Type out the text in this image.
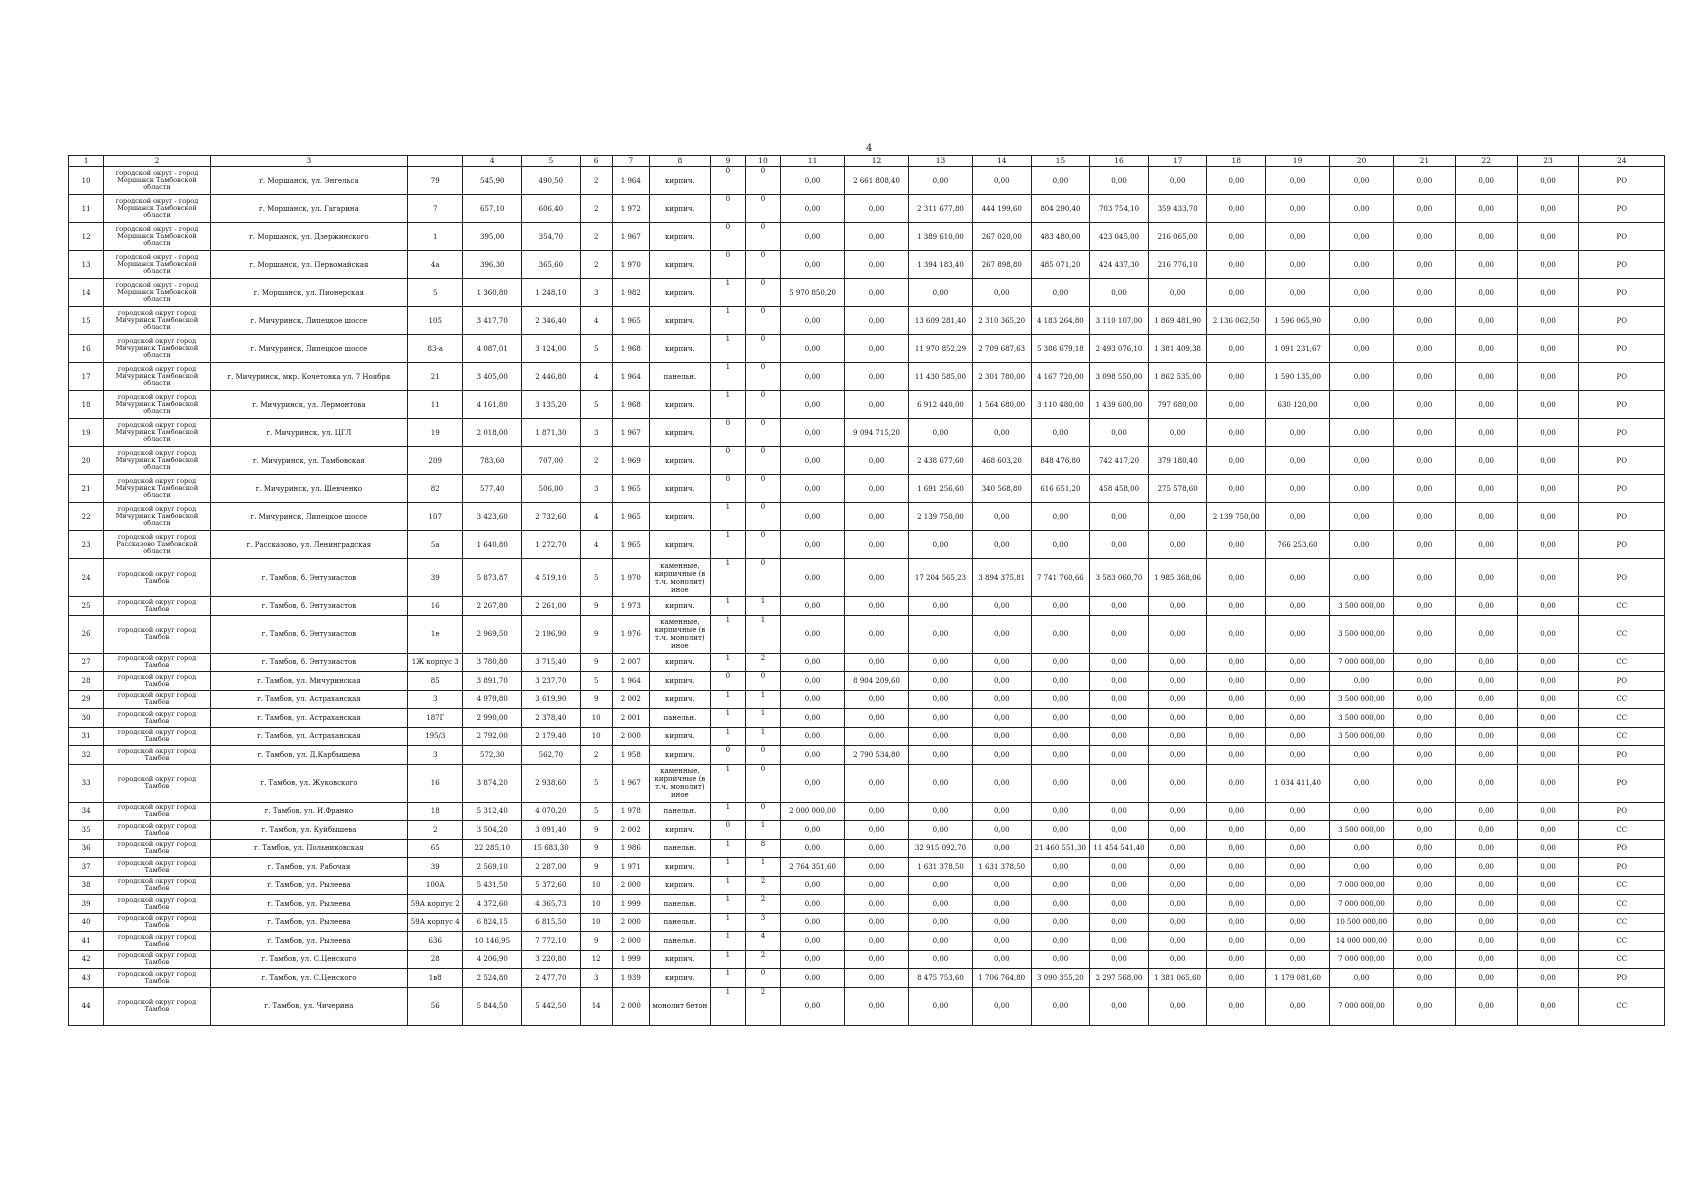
4
1	2	3		4	5	6	7	8	9	10	11	12	13	14	15	16	17	18	19	20	21	22	23	24
10	городской округ - город Моршанск Тамбовской области	г. Моршанск, ул. Энгельса	79	545,90	490,50	2	1 964	кирпич.	0	0	0,00	2 661 808,40	0,00	0,00	0,00	0,00	0,00	0,00	0,00	0,00	0,00	0,00	0,00	РО
11	городской округ - город Моршанск Тамбовской области	г. Моршанск, ул. Гагарина	7	657,10	606,40	2	1 972	кирпич.	0	0	0,00	0,00	2 311 677,80	444 199,60	804 290,40	703 754,10	359 433,70	0,00	0,00	0,00	0,00	0,00	0,00	РО
12	городской округ - город Моршанск Тамбовской области	г. Моршанск, ул. Дзержинского	1	395,00	354,70	2	1 967	кирпич.	0	0	0,00	0,00	1 389 610,00	267 020,00	483 480,00	423 045,00	216 065,00	0,00	0,00	0,00	0,00	0,00	0,00	РО
13	городской округ - город Моршанск Тамбовской области	г. Моршанск, ул. Первомайская	4а	396,30	365,60	2	1 970	кирпич.	0	0	0,00	0,00	1 394 183,40	267 898,80	485 071,20	424 437,30	216 776,10	0,00	0,00	0,00	0,00	0,00	0,00	РО
14	городской округ - город Моршанск Тамбовской области	г. Моршанск, ул. Пионерская	5	1 360,80	1 248,10	3	1 982	кирпич.	1	0	5 970 850,20	0,00	0,00	0,00	0,00	0,00	0,00	0,00	0,00	0,00	0,00	0,00	0,00	РО
15	городской округ город Мичуринск Тамбовской области	г. Мичуринск, Липецкое шоссе	105	3 417,70	2 346,40	4	1 965	кирпич.	1	0	0,00	0,00	13 609 281,40	2 310 365,20	4 183 264,80	3 110 107,00	1 869 481,90	2 136 062,50	1 596 065,90	0,00	0,00	0,00	0,00	РО
16	городской округ город Мичуринск Тамбовской области	г. Мичуринск, Липецкое шоссе	83-а	4 087,01	3 124,00	5	1 968	кирпич.	1	0	0,00	0,00	11 970 852,29	2 709 687,63	5 386 679,18	2 493 076,10	1 381 409,38	0,00	1 091 231,67	0,00	0,00	0,00	0,00	РО
17	городской округ город Мичуринск Тамбовской области	г. Мичуринск, мкр. Кочетовка ул. 7 Ноября	21	3 405,00	2 446,80	4	1 964	панельн.	1	0	0,00	0,00	11 430 585,00	2 301 780,00	4 167 720,00	3 098 550,00	1 862 535,00	0,00	1 590 135,00	0,00	0,00	0,00	0,00	РО
18	городской округ город Мичуринск Тамбовской области	г. Мичуринск, ул. Лермонтова	11	4 161,80	3 135,20	5	1 968	кирпич.	1	0	0,00	0,00	6 912 440,00	1 564 680,00	3 110 480,00	1 439 600,00	797 680,00	0,00	630 120,00	0,00	0,00	0,00	0,00	РО
19	городской округ город Мичуринск Тамбовской области	г. Мичуринск, ул. ЦГЛ	19	2 018,00	1 871,30	3	1 967	кирпич.	0	0	0,00	9 094 715,20	0,00	0,00	0,00	0,00	0,00	0,00	0,00	0,00	0,00	0,00	0,00	РО
20	городской округ город Мичуринск Тамбовской области	г. Мичуринск, ул. Тамбовская	209	783,60	707,00	2	1 969	кирпич.	0	0	0,00	0,00	2 438 677,60	468 603,20	848 476,80	742 417,20	379 180,40	0,00	0,00	0,00	0,00	0,00	0,00	РО
21	городской округ город Мичуринск Тамбовской области	г. Мичуринск, ул. Шевченко	82	577,40	506,00	3	1 965	кирпич.	0	0	0,00	0,00	1 691 256,60	340 568,80	616 651,20	458 458,00	275 578,60	0,00	0,00	0,00	0,00	0,00	0,00	РО
22	городской округ город Мичуринск Тамбовской области	г. Мичуринск, Липецкое шоссе	107	3 423,60	2 732,60	4	1 965	кирпич.	1	0	0,00	0,00	2 139 750,00	0,00	0,00	0,00	0,00	2 139 750,00	0,00	0,00	0,00	0,00	0,00	РО
23	городской округ город Рассказово Тамбовской области	г. Рассказово, ул. Ленинградская	5а	1 640,80	1 272,70	4	1 965	кирпич.	1	0	0,00	0,00	0,00	0,00	0,00	0,00	0,00	0,00	766 253,60	0,00	0,00	0,00	0,00	РО
24	городской округ город Тамбов	г. Тамбов, б. Энтузиастов	39	5 873,87	4 519,10	5	1 970	каменные, кирпичные (в т.ч. монолит) иное	1	0	0,00	0,00	17 204 565,23	3 894 375,81	7 741 760,66	3 583 060,70	1 985 368,06	0,00	0,00	0,00	0,00	0,00	0,00	РО
25	городской округ город Тамбов	г. Тамбов, б. Энтузиастов	16	2 267,80	2 261,00	9	1 973	кирпич.	1	1	0,00	0,00	0,00	0,00	0,00	0,00	0,00	0,00	0,00	3 500 000,00	0,00	0,00	0,00	СС
26	городской округ город Тамбов	г. Тамбов, б. Энтузиастов	1е	2 969,50	2 196,90	9	1 976	каменные, кирпичные (в т.ч. монолит) иное	1	1	0,00	0,00	0,00	0,00	0,00	0,00	0,00	0,00	0,00	3 500 000,00	0,00	0,00	0,00	СС
27	городской округ город Тамбов	г. Тамбов, б. Энтузиастов	1Ж корпус 3	3 780,80	3 715,40	9	2 007	кирпич.	1	2	0,00	0,00	0,00	0,00	0,00	0,00	0,00	0,00	0,00	7 000 000,00	0,00	0,00	0,00	СС
28	городской округ город Тамбов	г. Тамбов, ул. Мичуринская	85	3 891,70	3 237,70	5	1 964	кирпич.	0	0	0,00	8 904 209,60	0,00	0,00	0,00	0,00	0,00	0,00	0,00	0,00	0,00	0,00	0,00	РО
29	городской округ город Тамбов	г. Тамбов, ул. Астраханская	3	4 979,80	3 619,90	9	2 002	кирпич.	1	1	0,00	0,00	0,00	0,00	0,00	0,00	0,00	0,00	0,00	3 500 000,00	0,00	0,00	0,00	СС
30	городской округ город Тамбов	г. Тамбов, ул. Астраханская	187Г	2 990,00	2 378,40	10	2 001	панельн.	1	1	0,00	0,00	0,00	0,00	0,00	0,00	0,00	0,00	0,00	3 500 000,00	0,00	0,00	0,00	СС
31	городской округ город Тамбов	г. Тамбов, ул. Астраханская	195/3	2 792,00	2 179,40	10	2 000	кирпич.	1	1	0,00	0,00	0,00	0,00	0,00	0,00	0,00	0,00	0,00	3 500 000,00	0,00	0,00	0,00	СС
32	городской округ город Тамбов	г. Тамбов, ул. Д.Карбышева	3	572,30	562,70	2	1 958	кирпич.	0	0	0,00	2 790 534,80	0,00	0,00	0,00	0,00	0,00	0,00	0,00	0,00	0,00	0,00	0,00	РО
33	городской округ город Тамбов	г. Тамбов, ул. Жуковского	16	3 874,20	2 938,60	5	1 967	каменные, кирпичные (в т.ч. монолит) иное	1	0	0,00	0,00	0,00	0,00	0,00	0,00	0,00	0,00	1 034 411,40	0,00	0,00	0,00	0,00	РО
34	городской округ город Тамбов	г. Тамбов, ул. И.Франко	18	5 312,40	4 070,20	5	1 978	панельн.	1	0	2 000 000,00	0,00	0,00	0,00	0,00	0,00	0,00	0,00	0,00	0,00	0,00	0,00	0,00	РО
35	городской округ город Тамбов	г. Тамбов, ул. Куйбышева	2	3 504,20	3 091,40	9	2 002	кирпич.	0	1	0,00	0,00	0,00	0,00	0,00	0,00	0,00	0,00	0,00	3 500 000,00	0,00	0,00	0,00	СС
36	городской округ город Тамбов	г. Тамбов, ул. Польниковская	65	22 285,10	15 683,30	9	1 986	панельн.	1	8	0,00	0,00	32 915 092,70	0,00	21 460 551,30	11 454 541,40	0,00	0,00	0,00	0,00	0,00	0,00	0,00	РО
37	городской округ город Тамбов	г. Тамбов, ул. Рабочая	39	2 569,10	2 287,00	9	1 971	кирпич.	1	1	2 764 351,60	0,00	1 631 378,50	1 631 378,50	0,00	0,00	0,00	0,00	0,00	0,00	0,00	0,00	0,00	РО
38	городской округ город Тамбов	г. Тамбов, ул. Рылеева	100А	5 431,50	5 372,60	10	2 000	кирпич.	1	2	0,00	0,00	0,00	0,00	0,00	0,00	0,00	0,00	0,00	7 000 000,00	0,00	0,00	0,00	СС
39	городской округ город Тамбов	г. Тамбов, ул. Рылеева	59А корпус 2	4 372,60	4 365,73	10	1 999	панельн.	1	2	0,00	0,00	0,00	0,00	0,00	0,00	0,00	0,00	0,00	7 000 000,00	0,00	0,00	0,00	СС
40	городской округ город Тамбов	г. Тамбов, ул. Рылеева	59А корпус 4	6 824,15	6 815,50	10	2 000	панельн.	1	3	0,00	0,00	0,00	0,00	0,00	0,00	0,00	0,00	0,00	10 500 000,00	0,00	0,00	0,00	СС
41	городской округ город Тамбов	г. Тамбов, ул. Рылеева	636	10 146,95	7 772,10	9	2 000	панельн.	1	4	0,00	0,00	0,00	0,00	0,00	0,00	0,00	0,00	0,00	14 000 000,00	0,00	0,00	0,00	СС
42	городской округ город Тамбов	г. Тамбов, ул. С.Ценского	28	4 206,90	3 220,80	12	1 999	кирпич.	1	2	0,00	0,00	0,00	0,00	0,00	0,00	0,00	0,00	0,00	7 000 000,00	0,00	0,00	0,00	СС
43	городской округ город Тамбов	г. Тамбов, ул. С.Ценского	1в8	2 524,80	2 477,70	3	1 939	кирпич.	1	0	0,00	0,00	8 475 753,60	1 706 764,80	3 090 355,20	2 297 568,00	1 381 065,60	0,00	1 179 081,60	0,00	0,00	0,00	0,00	РО
44	городской округ город Тамбов	г. Тамбов, ул. Чичерина	56	5 844,50	5 442,50	14	2 000	монолит бетон	1	2	0,00	0,00	0,00	0,00	0,00	0,00	0,00	0,00	0,00	7 000 000,00	0,00	0,00	0,00	СС
